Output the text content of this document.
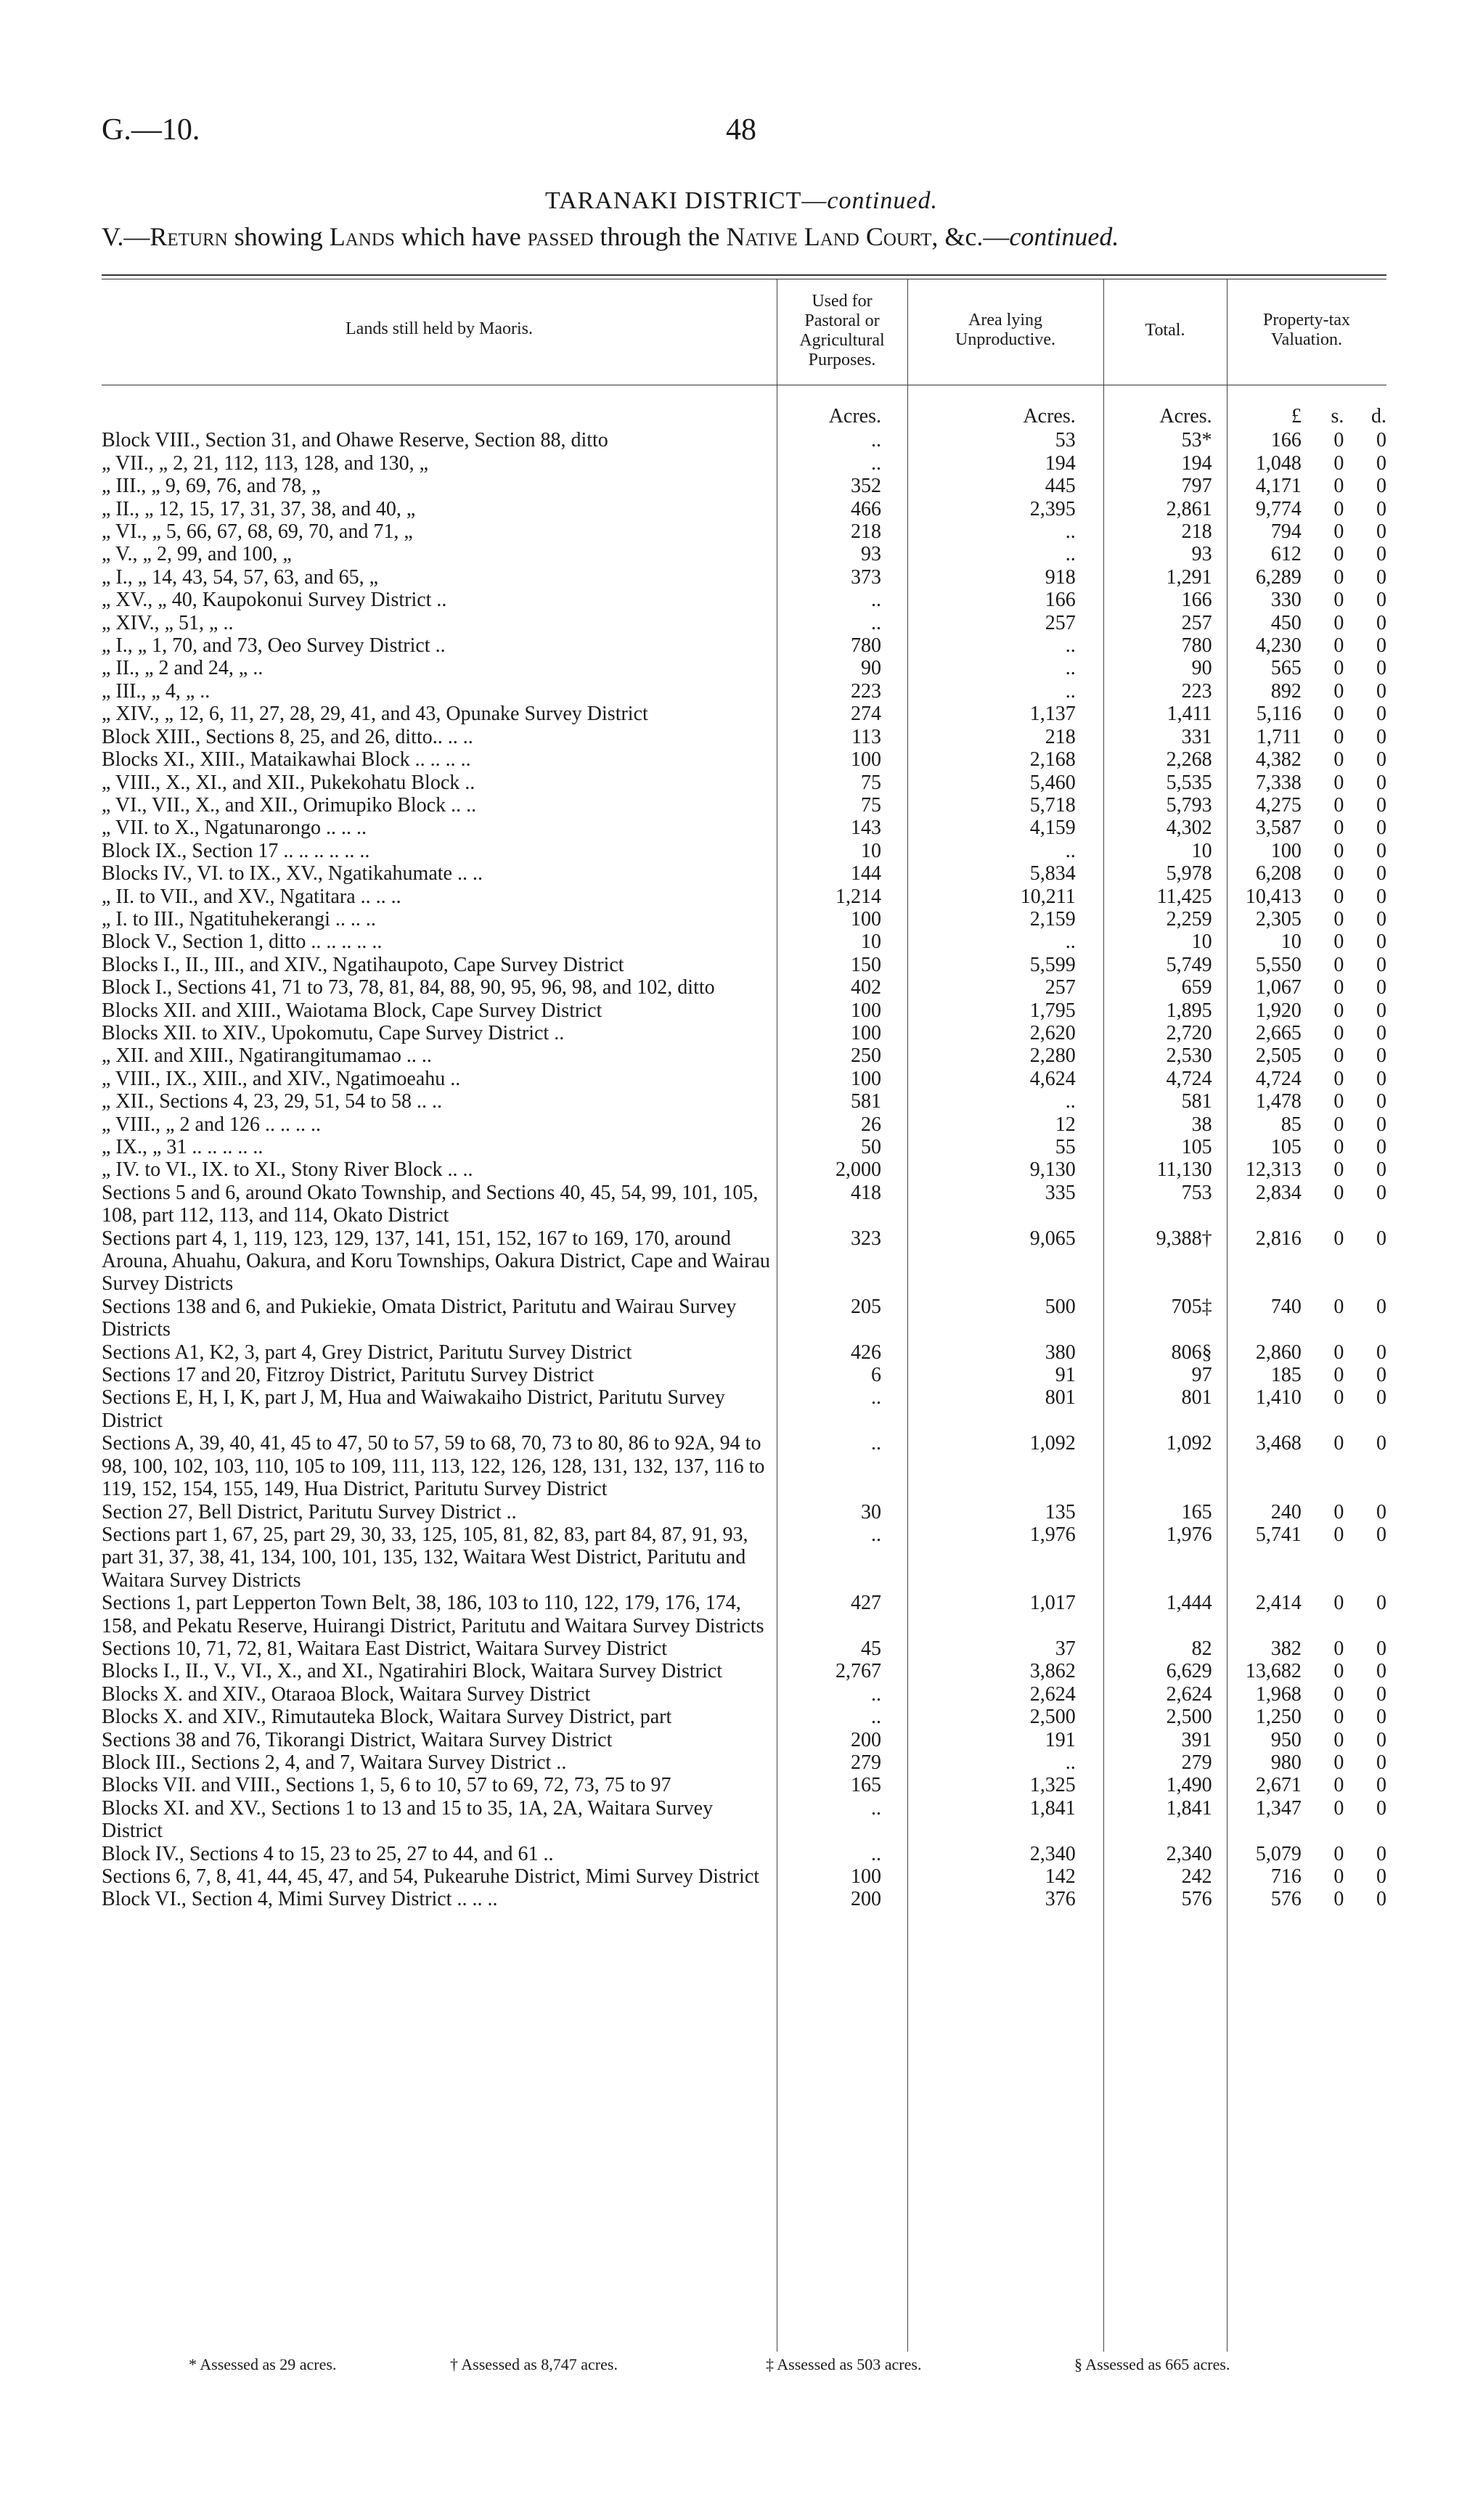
G.—10.	48
TARANAKI DISTRICT—continued.
V.—Return showing Lands which have passed through the Native Land Court, &c.—continued.
Lands still held by Maoris.
Used for
Pastoral or
Agricultural
Purposes.
Area lying
Unproductive.	Total.
Property-tax
Valuation.
	Acres.	Acres.	Acres.	£	s.	d.
Block VIII., Section 31, and Ohawe Reserve, Section 88, ditto	..	53	53*	166	0	0
„ VII., „ 2, 21, 112, 113, 128, and 130, „	..	194	194	1,048	0	0
„ III., „ 9, 69, 76, and 78, „	352	445	797	4,171	0	0
„ II., „ 12, 15, 17, 31, 37, 38, and 40, „	466	2,395	2,861	9,774	0	0
„ VI., „ 5, 66, 67, 68, 69, 70, and 71, „	218	..	218	794	0	0
„ V., „ 2, 99, and 100, „	93	..	93	612	0	0
„ I., „ 14, 43, 54, 57, 63, and 65, „	373	918	1,291	6,289	0	0
„ XV., „ 40, Kaupokonui Survey District ..	..	166	166	330	0	0
„ XIV., „ 51, „ ..	..	257	257	450	0	0
„ I., „ 1, 70, and 73, Oeo Survey District ..	780	..	780	4,230	0	0
„ II., „ 2 and 24, „ ..	90	..	90	565	0	0
„ III., „ 4, „ ..	223	..	223	892	0	0
„ XIV., „ 12, 6, 11, 27, 28, 29, 41, and 43, Opunake Survey District	274	1,137	1,411	5,116	0	0
Block XIII., Sections 8, 25, and 26, ditto.. .. ..	113	218	331	1,711	0	0
Blocks XI., XIII., Mataikawhai Block .. .. .. ..	100	2,168	2,268	4,382	0	0
„ VIII., X., XI., and XII., Pukekohatu Block ..	75	5,460	5,535	7,338	0	0
„ VI., VII., X., and XII., Orimupiko Block .. ..	75	5,718	5,793	4,275	0	0
„ VII. to X., Ngatunarongo .. .. ..	143	4,159	4,302	3,587	0	0
Block IX., Section 17 .. .. .. .. .. ..	10	..	10	100	0	0
Blocks IV., VI. to IX., XV., Ngatikahumate .. ..	144	5,834	5,978	6,208	0	0
„ II. to VII., and XV., Ngatitara .. .. ..	1,214	10,211	11,425	10,413	0	0
„ I. to III., Ngatituhekerangi .. .. ..	100	2,159	2,259	2,305	0	0
Block V., Section 1, ditto .. .. .. .. ..	10	..	10	10	0	0
Blocks I., II., III., and XIV., Ngatihaupoto, Cape Survey District	150	5,599	5,749	5,550	0	0
Block I., Sections 41, 71 to 73, 78, 81, 84, 88, 90, 95, 96, 98, and 102, ditto	402	257	659	1,067	0	0
Blocks XII. and XIII., Waiotama Block, Cape Survey District	100	1,795	1,895	1,920	0	0
Blocks XII. to XIV., Upokomutu, Cape Survey District ..	100	2,620	2,720	2,665	0	0
„ XII. and XIII., Ngatirangitumamao .. ..	250	2,280	2,530	2,505	0	0
„ VIII., IX., XIII., and XIV., Ngatimoeahu ..	100	4,624	4,724	4,724	0	0
„ XII., Sections 4, 23, 29, 51, 54 to 58 .. ..	581	..	581	1,478	0	0
„ VIII., „ 2 and 126 .. .. .. ..	26	12	38	85	0	0
„ IX., „ 31 .. .. .. .. ..	50	55	105	105	0	0
„ IV. to VI., IX. to XI., Stony River Block .. ..	2,000	9,130	11,130	12,313	0	0
Sections 5 and 6, around Okato Township, and Sections 40, 45, 54, 99, 101, 105, 108, part 112, 113, and 114, Okato District	418	335	753	2,834	0	0
Sections part 4, 1, 119, 123, 129, 137, 141, 151, 152, 167 to 169, 170, around Arouna, Ahuahu, Oakura, and Koru Townships, Oakura District, Cape and Wairau Survey Districts	323	9,065	9,388†	2,816	0	0
Sections 138 and 6, and Pukiekie, Omata District, Paritutu and Wairau Survey Districts	205	500	705‡	740	0	0
Sections A1, K2, 3, part 4, Grey District, Paritutu Survey District	426	380	806§	2,860	0	0
Sections 17 and 20, Fitzroy District, Paritutu Survey District	6	91	97	185	0	0
Sections E, H, I, K, part J, M, Hua and Waiwakaiho District, Paritutu Survey District	..	801	801	1,410	0	0
Sections A, 39, 40, 41, 45 to 47, 50 to 57, 59 to 68, 70, 73 to 80, 86 to 92A, 94 to 98, 100, 102, 103, 110, 105 to 109, 111, 113, 122, 126, 128, 131, 132, 137, 116 to 119, 152, 154, 155, 149, Hua District, Paritutu Survey District	..	1,092	1,092	3,468	0	0
Section 27, Bell District, Paritutu Survey District ..	30	135	165	240	0	0
Sections part 1, 67, 25, part 29, 30, 33, 125, 105, 81, 82, 83, part 84, 87, 91, 93, part 31, 37, 38, 41, 134, 100, 101, 135, 132, Waitara West District, Paritutu and Waitara Survey Districts	..	1,976	1,976	5,741	0	0
Sections 1, part Lepperton Town Belt, 38, 186, 103 to 110, 122, 179, 176, 174, 158, and Pekatu Reserve, Huirangi District, Paritutu and Waitara Survey Districts	427	1,017	1,444	2,414	0	0
Sections 10, 71, 72, 81, Waitara East District, Waitara Survey District	45	37	82	382	0	0
Blocks I., II., V., VI., X., and XI., Ngatirahiri Block, Waitara Survey District	2,767	3,862	6,629	13,682	0	0
Blocks X. and XIV., Otaraoa Block, Waitara Survey District	..	2,624	2,624	1,968	0	0
Blocks X. and XIV., Rimutauteka Block, Waitara Survey District, part	..	2,500	2,500	1,250	0	0
Sections 38 and 76, Tikorangi District, Waitara Survey District	200	191	391	950	0	0
Block III., Sections 2, 4, and 7, Waitara Survey District ..	279	..	279	980	0	0
Blocks VII. and VIII., Sections 1, 5, 6 to 10, 57 to 69, 72, 73, 75 to 97	165	1,325	1,490	2,671	0	0
Blocks XI. and XV., Sections 1 to 13 and 15 to 35, 1A, 2A, Waitara Survey District	..	1,841	1,841	1,347	0	0
Block IV., Sections 4 to 15, 23 to 25, 27 to 44, and 61 ..	..	2,340	2,340	5,079	0	0
Sections 6, 7, 8, 41, 44, 45, 47, and 54, Pukearuhe District, Mimi Survey District	100	142	242	716	0	0
Block VI., Section 4, Mimi Survey District .. .. ..	200	376	576	576	0	0
* Assessed as 29 acres.	† Assessed as 8,747 acres.	‡ Assessed as 503 acres.	§ Assessed as 665 acres.
